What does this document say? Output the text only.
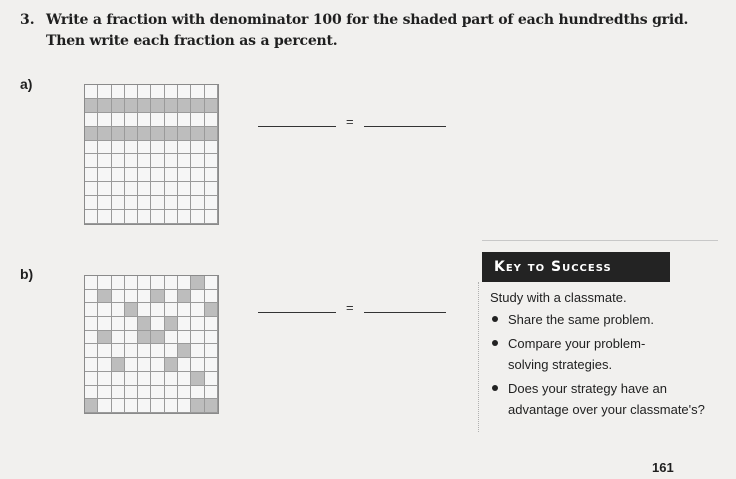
3. Write a fraction with denominator 100 for the shaded part of each hundredths grid.
Then write each fraction as a percent.
a)
=
b)
=
Key to Success

Study with a classmate.

Share the same problem.
Compare your problem-solving strategies.
Does your strategy have an advantage over your classmate's?
161
